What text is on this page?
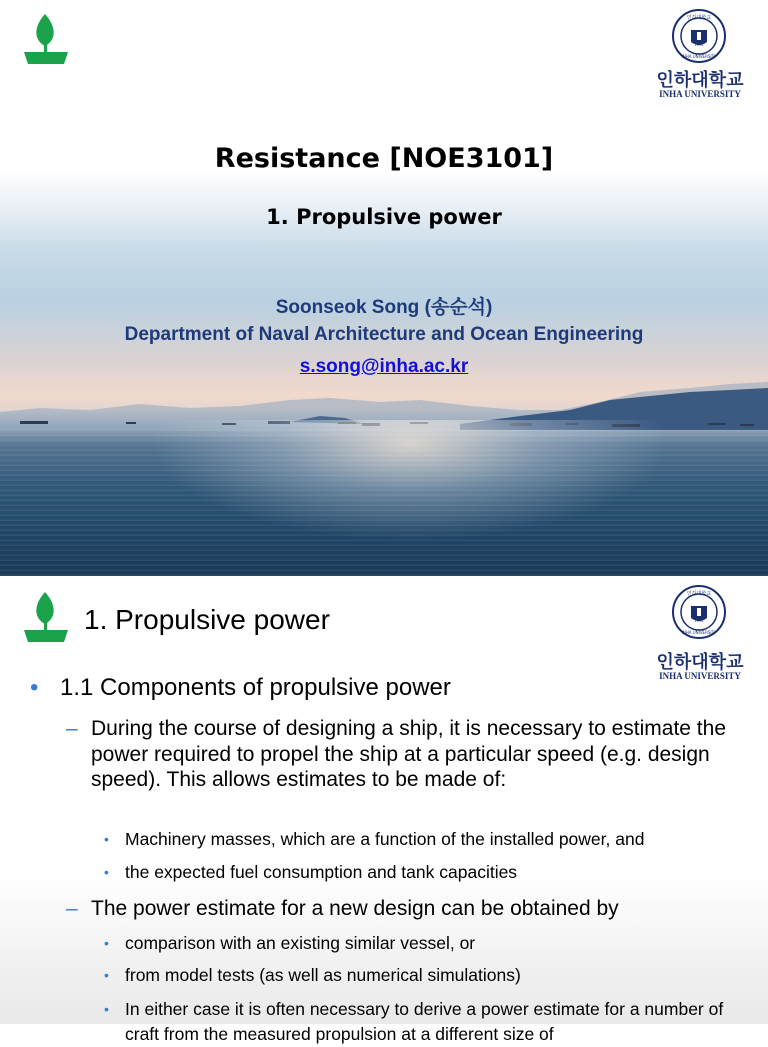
인하대학교
INHA UNIVERSITY
1954
인하대학교
INHA UNIVERSITY
Resistance [NOE3101]
1. Propulsive power
Soonseok Song (송순석)
Department of Naval Architecture and Ocean Engineering
s.song@inha.ac.kr
1. Propulsive power
인하대학교
INHA UNIVERSITY
1954
인하대학교
INHA UNIVERSITY
• 1.1 Components of propulsive power
– During the course of designing a ship, it is necessary to estimate the power required to propel the ship at a particular speed (e.g. design speed). This allows estimates to be made of:
• Machinery masses, which are a function of the installed power, and
• the expected fuel consumption and tank capacities
– The power estimate for a new design can be obtained by
• comparison with an existing similar vessel, or
• from model tests (as well as numerical simulations)
• In either case it is often necessary to derive a power estimate for a number of craft from the measured propulsion at a different size of
